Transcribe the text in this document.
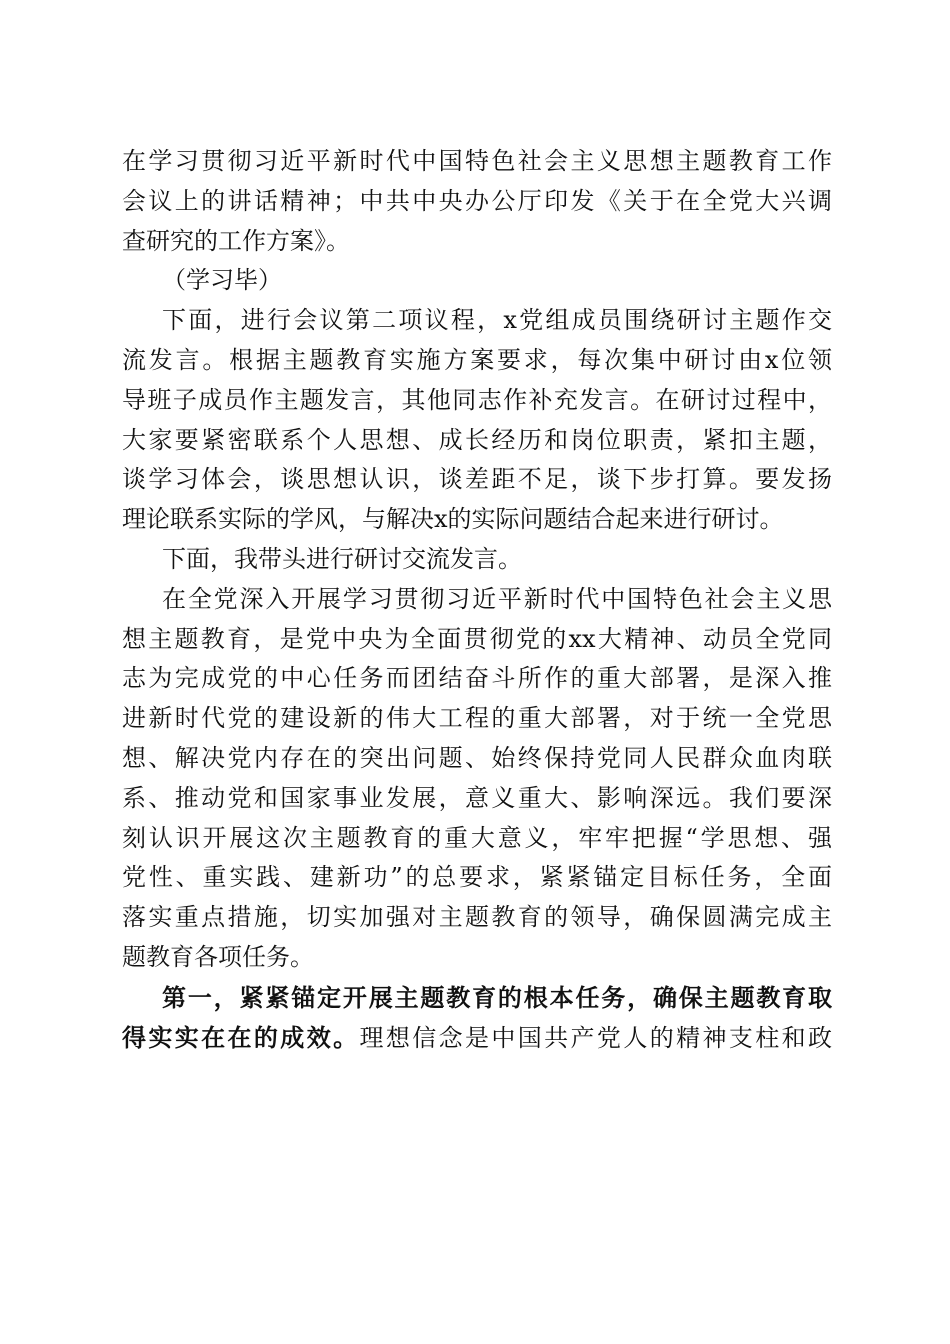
在学习贯彻习近平新时代中国特色社会主义思想主题教育工作
会议上的讲话精神；中共中央办公厅印发《关于在全党大兴调
查研究的工作方案》。
（学习毕）
下面，进行会议第二项议程，x党组成员围绕研讨主题作交
流发言。根据主题教育实施方案要求，每次集中研讨由x位领
导班子成员作主题发言，其他同志作补充发言。在研讨过程中，
大家要紧密联系个人思想、成长经历和岗位职责，紧扣主题，
谈学习体会，谈思想认识，谈差距不足，谈下步打算。要发扬
理论联系实际的学风，与解决x的实际问题结合起来进行研讨。
下面，我带头进行研讨交流发言。
在全党深入开展学习贯彻习近平新时代中国特色社会主义思
想主题教育，是党中央为全面贯彻党的xx大精神、动员全党同
志为完成党的中心任务而团结奋斗所作的重大部署，是深入推
进新时代党的建设新的伟大工程的重大部署，对于统一全党思
想、解决党内存在的突出问题、始终保持党同人民群众血肉联
系、推动党和国家事业发展，意义重大、影响深远。我们要深
刻认识开展这次主题教育的重大意义，牢牢把握“学思想、强
党性、重实践、建新功”的总要求，紧紧锚定目标任务，全面
落实重点措施，切实加强对主题教育的领导，确保圆满完成主
题教育各项任务。
第一，紧紧锚定开展主题教育的根本任务，确保主题教育取
得实实在在的成效。理想信念是中国共产党人的精神支柱和政
